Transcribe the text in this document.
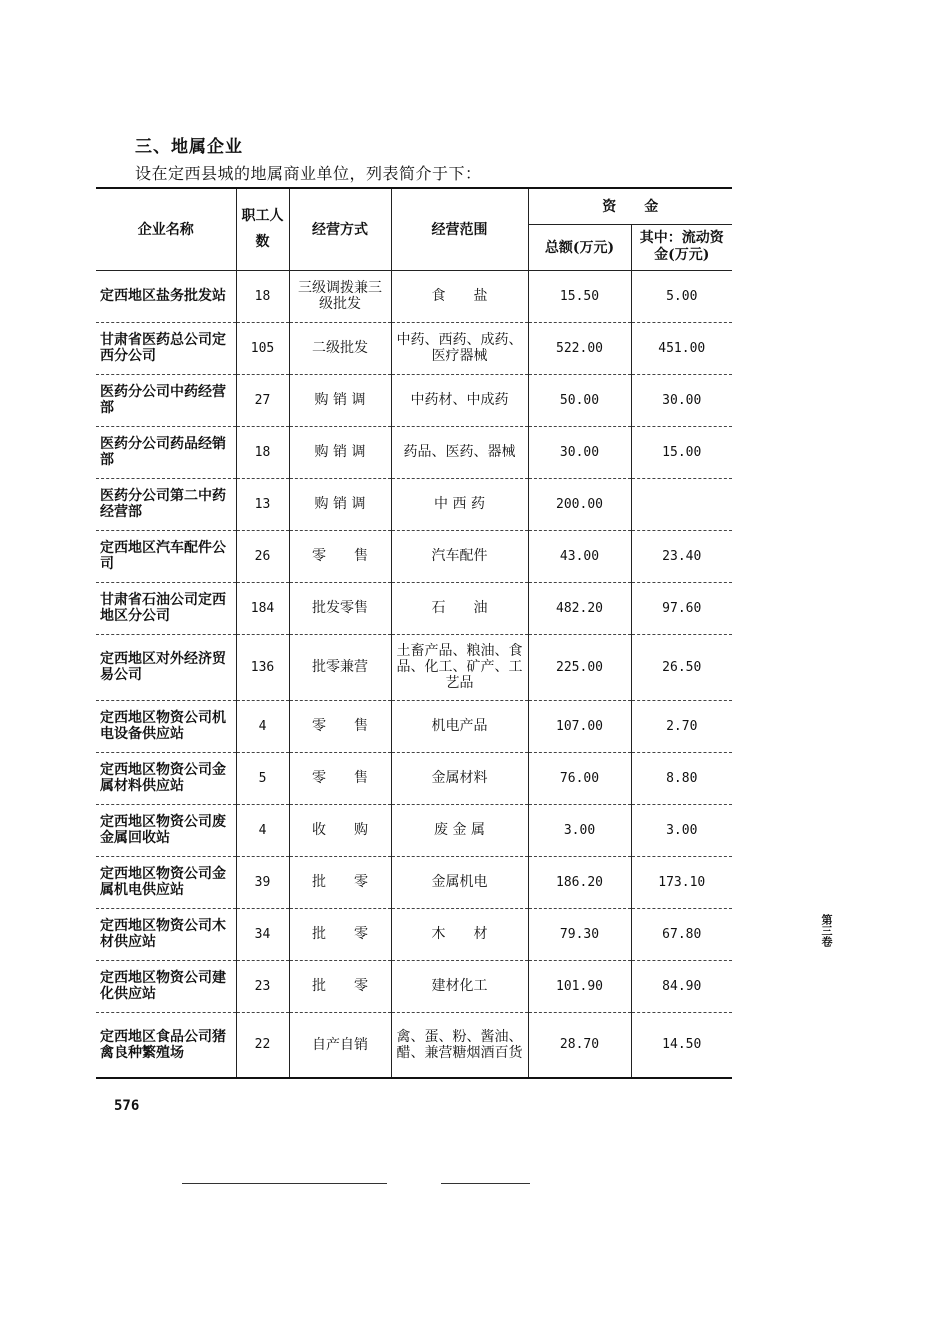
三、地属企业
设在定西县城的地属商业单位，列表简介于下：
企业名称	职工人数	经营方式	经营范围	资　　金	
				总额(万元)	其中：流动资金(万元)
定西地区盐务批发站	18	三级调拨兼三级批发	食　　盐	15.50	5.00
甘肃省医药总公司定西分公司	105	二级批发	中药、西药、成药、医疗器械	522.00	451.00
医药分公司中药经营部	27	购 销 调	中药材、中成药	50.00	30.00
医药分公司药品经销部	18	购 销 调	药品、医药、器械	30.00	15.00
医药分公司第二中药经营部	13	购 销 调	中 西 药	200.00	
定西地区汽车配件公司	26	零　　售	汽车配件	43.00	23.40
甘肃省石油公司定西地区分公司	184	批发零售	石　　油	482.20	97.60
定西地区对外经济贸易公司	136	批零兼营	土畜产品、粮油、食品、化工、矿产、工艺品	225.00	26.50
定西地区物资公司机电设备供应站	4	零　　售	机电产品	107.00	2.70
定西地区物资公司金属材料供应站	5	零　　售	金属材料	76.00	8.80
定西地区物资公司废金属回收站	4	收　　购	废 金 属	3.00	3.00
定西地区物资公司金属机电供应站	39	批　　零	金属机电	186.20	173.10
定西地区物资公司木材供应站	34	批　　零	木　　材	79.30	67.80
定西地区物资公司建化供应站	23	批　　零	建材化工	101.90	84.90
定西地区食品公司猪禽良种繁殖场	22	自产自销	禽、蛋、粉、酱油、醋、兼营糖烟酒百货	28.70	14.50
576
第三卷
